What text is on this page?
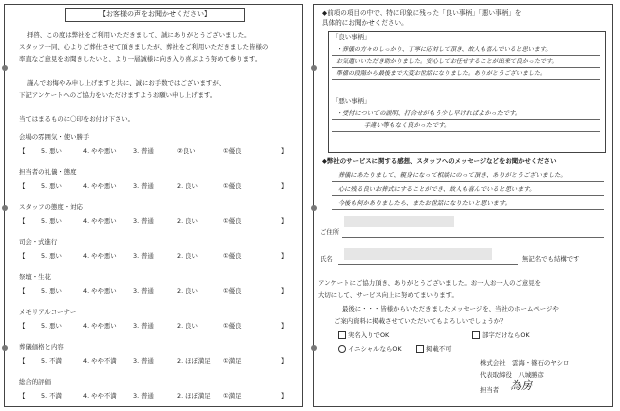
【お客様の声をお聞かせください】
拝啓、この度は弊社をご利用いただきまして、誠にありがとうございました。
スタッフ一同、心よりご葬仕させて頂きましたが、葬社をご利用いただきました皆様の
率直なご意見をお聞きしたいと、より一層誠様に向き入り喜ぶよう努めて参ります。
謹んでお悔やみ申し上げますと共に、誠にお手数ではございますが、
下記アンケートへのご協力をいただけますようお願い申し上げます。
当てはまるものに〇印をお付け下さい。
会場の雰囲気・使い勝手
【 5. 悪い	4. やや悪い	3. 普通	②良い	①優良	】
担当者の礼儀・態度
【 5. 悪い	4. やや悪い	3. 普通	2. 良い	①優良	】
スタッフの態度・対応
【 5. 悪い	4. やや悪い	3. 普通	2. 良い	①優良	】
司会・式進行
【 5. 悪い	4. やや悪い	3. 普通	2. 良い	①優良	】
祭壇・生花
【 5. 悪い	4. やや悪い	3. 普通	2. 良い	①優良	】
メモリアルコーナー
【 5. 悪い	4. やや悪い	3. 普通	2. 良い	①優良	】
葬儀価格と内容
【 5. 不満	4. やや不満	3. 普通	2. ほぼ満足 ①満足	】
総合的評価
【 5. 不満	4. やや不満	3. 普通	2. ほぼ満足 ①満足	】
◆前項の項目の中で、特に印象に残った「良い事柄」「悪い事柄」を
具体的にお聞かせください。
「良い事柄」
・葬儀の方々のしっかり、丁寧に応対して頂き、故人も喜んでいると思います。
お気遣いいただき助かりました。安心してお任せすることが出来て良かったです。
準備の段階から最後まで大変お世話になりました。ありがとうございました。
「悪い事柄」
・受付についての説明、打合せがもう少し早ければよかったです。
手違い等もなく良かったです。
◆弊社のサービスに関する感想、スタッフへのメッセージなどをお聞かせください
葬儀にあたりまして、親身になって相談にのって頂き、ありがとうございました。
心に残る良いお葬式にすることができ、故人も喜んでいると思います。
今後も何かありましたら、またお世話になりたいと思います。
ご住所
氏名	無記名でも結構です
アンケートにご協力頂き、ありがとうございました。お一人お一人のご意見を
大切にして、サービス向上に努めてまいります。
最後に・・・皆様からいただきましたメッセージを、当社のホームページや
ご案内資料に掲載させていただいてもよろしいでしょうか？
実名入りでOK	部字だけならOK
イニシャルならOK	掲載不可
株式会社　雲海・篠石のヤシロ
代表取締役　八城勝彦
担当者 為房
